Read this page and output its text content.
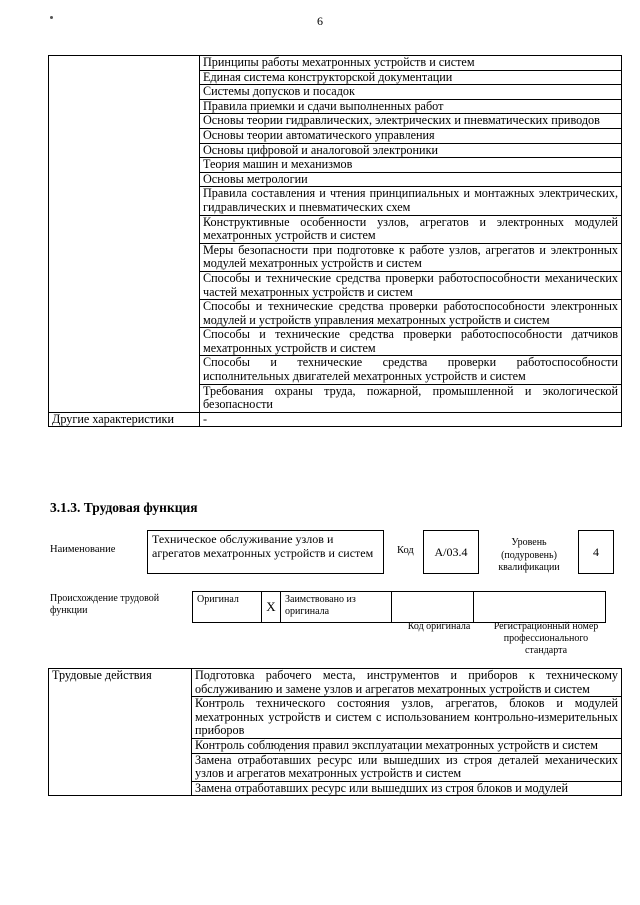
6
	Принципы работы мехатронных устройств и систем
	Единая система конструкторской документации
	Системы допусков и посадок
	Правила приемки и сдачи выполненных работ
	Основы теории гидравлических, электрических и пневматических приводов
	Основы теории автоматического управления
	Основы цифровой и аналоговой электроники
	Теория машин и механизмов
	Основы метрологии
	Правила составления и чтения принципиальных и монтажных электрических, гидравлических и пневматических схем
	Конструктивные особенности узлов, агрегатов и электронных модулей мехатронных устройств и систем
	Меры безопасности при подготовке к работе узлов, агрегатов и электронных модулей мехатронных устройств и систем
	Способы и технические средства проверки работоспособности механических частей мехатронных устройств и систем
	Способы и технические средства проверки работоспособности электронных модулей и устройств управления мехатронных устройств и систем
	Способы и технические средства проверки работоспособности датчиков мехатронных устройств и систем
	Способы и технические средства проверки работоспособности исполнительных двигателей мехатронных устройств и систем
	Требования охраны труда, пожарной, промышленной и экологической безопасности
Другие характеристики	-
3.1.3. Трудовая функция
Наименование
Техническое обслуживание узлов и агрегатов мехатронных устройств и систем	Код	A/03.4
Уровень (подуровень) квалификации
4
Происхождение трудовой функции
Оригинал	X	Заимствовано из оригинала		
Код оригинала	Регистрационный номер профессионального стандарта
Трудовые действия	Подготовка рабочего места, инструментов и приборов к техническому обслуживанию и замене узлов и агрегатов мехатронных устройств и систем
Контроль технического состояния узлов, агрегатов, блоков и модулей мехатронных устройств и систем с использованием контрольно-измерительных приборов
Контроль соблюдения правил эксплуатации мехатронных устройств и систем
Замена отработавших ресурс или вышедших из строя деталей механических узлов и агрегатов мехатронных устройств и систем
Замена отработавших ресурс или вышедших из строя блоков и модулей
